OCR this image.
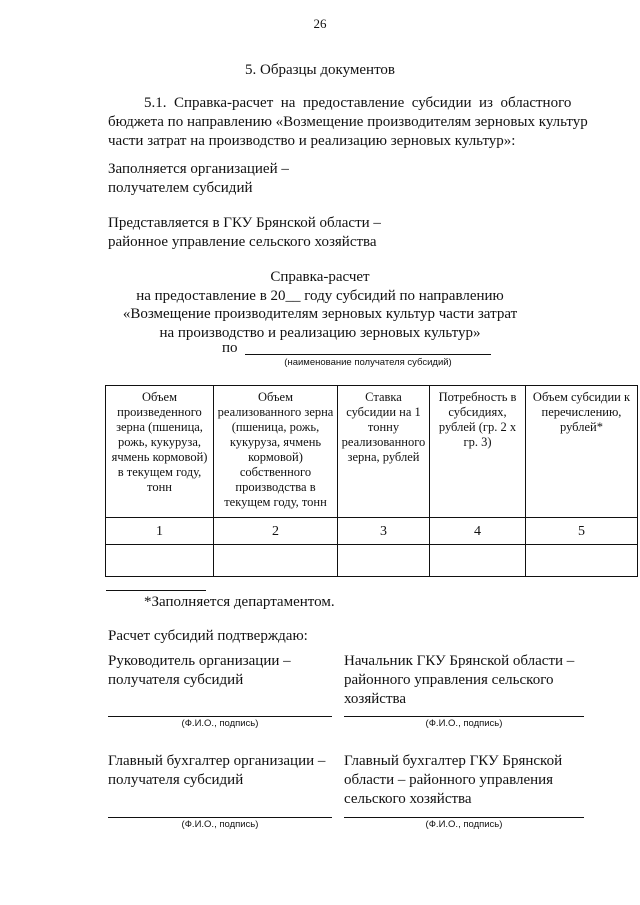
26
5. Образцы документов
5.1.  Справка-расчет  на  предоставление  субсидии  из  областного
бюджета по направлению «Возмещение производителям зерновых культур
части затрат на производство и реализацию зерновых культур»:
Заполняется организацией –
получателем субсидий
Представляется в ГКУ Брянской области –
районное управление сельского хозяйства
Справка-расчет
на предоставление в 20__ году субсидий по направлению
«Возмещение производителям зерновых культур части затрат
на производство и реализацию зерновых культур»
по
(наименование получателя субсидий)
Объем произведенного зерна (пшеница, рожь, кукуруза, ячмень кормовой) в текущем году, тонн	Объем реализованного зерна (пшеница, рожь, кукуруза, ячмень кормовой) собственного производства в текущем году, тонн	Ставка субсидии на 1 тонну реализованного зерна, рублей	Потребность в субсидиях, рублей (гр. 2 х гр. 3)	Объем субсидии к перечислению, рублей*
1	2	3	4	5

*Заполняется департаментом.
Расчет субсидий подтверждаю:
Руководитель организации –
получателя субсидий
(Ф.И.О., подпись)
Начальник ГКУ Брянской области –
районного управления сельского
хозяйства
(Ф.И.О., подпись)
Главный бухгалтер организации –
получателя субсидий
(Ф.И.О., подпись)
Главный бухгалтер ГКУ Брянской
области – районного управления
сельского хозяйства
(Ф.И.О., подпись)
